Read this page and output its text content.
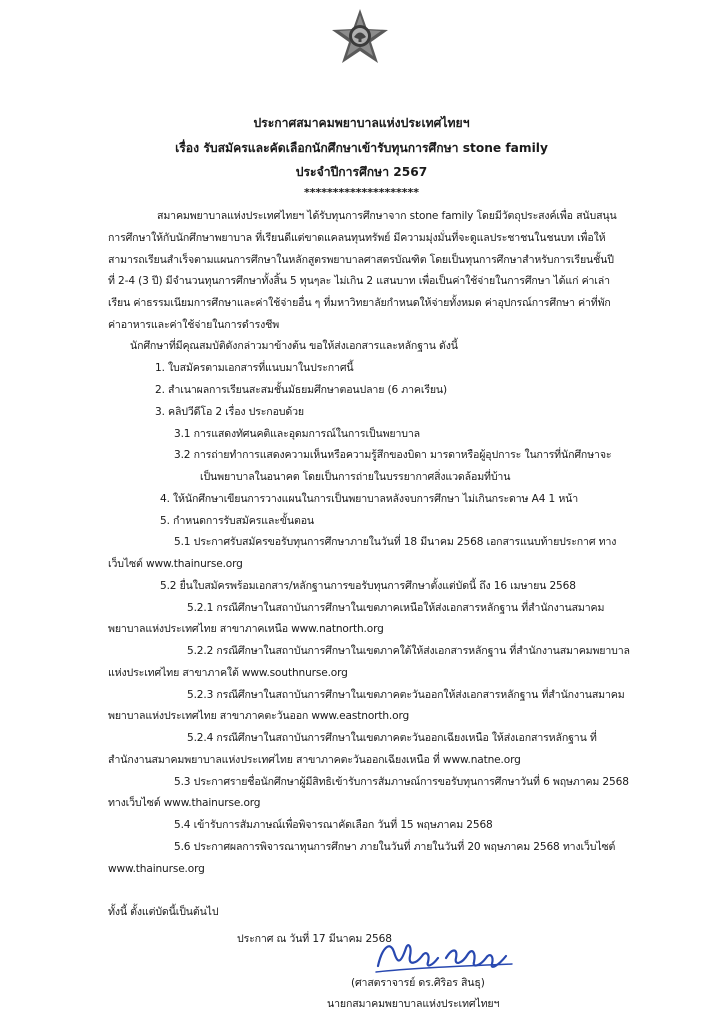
ประกาศสมาคมพยาบาลแห่งประเทศไทยฯ
เรื่อง รับสมัครและคัดเลือกนักศึกษาเข้ารับทุนการศึกษา stone family
ประจำปีการศึกษา 2567
********************
สมาคมพยาบาลแห่งประเทศไทยฯ ได้รับทุนการศึกษาจาก stone family โดยมีวัตถุประสงค์เพื่อ สนับสนุน
การศึกษาให้กับนักศึกษาพยาบาล ที่เรียนดีแต่ขาดแคลนทุนทรัพย์ มีความมุ่งมั่นที่จะดูแลประชาชนในชนบท เพื่อให้
สามารถเรียนสำเร็จตามแผนการศึกษาในหลักสูตรพยาบาลศาสตรบัณฑิต โดยเป็นทุนการศึกษาสำหรับการเรียนชั้นปี
ที่ 2-4 (3 ปี) มีจำนวนทุนการศึกษาทั้งสิ้น 5 ทุนๆละ ไม่เกิน 2 แสนบาท เพื่อเป็นค่าใช้จ่ายในการศึกษา ได้แก่ ค่าเล่า
เรียน ค่าธรรมเนียมการศึกษาและค่าใช้จ่ายอื่น ๆ ที่มหาวิทยาลัยกำหนดให้จ่ายทั้งหมด ค่าอุปกรณ์การศึกษา ค่าที่พัก
ค่าอาหารและค่าใช้จ่ายในการดำรงชีพ
นักศึกษาที่มีคุณสมบัติดังกล่าวมาข้างต้น ขอให้ส่งเอกสารและหลักฐาน ดังนี้
1. ใบสมัครตามเอกสารที่แนบมาในประกาศนี้
2. สำเนาผลการเรียนสะสมชั้นมัธยมศึกษาตอนปลาย (6 ภาคเรียน)
3. คลิปวีดีโอ 2 เรื่อง ประกอบด้วย
3.1 การแสดงทัศนคติและอุดมการณ์ในการเป็นพยาบาล
3.2 การถ่ายทำการแสดงความเห็นหรือความรู้สึกของบิดา มารดาหรือผู้อุปการะ ในการที่นักศึกษาจะ
เป็นพยาบาลในอนาคต โดยเป็นการถ่ายในบรรยากาศสิ่งแวดล้อมที่บ้าน
4. ให้นักศึกษาเขียนการวางแผนในการเป็นพยาบาลหลังจบการศึกษา ไม่เกินกระดาษ A4 1 หน้า
5. กำหนดการรับสมัครและขั้นตอน
5.1 ประกาศรับสมัครขอรับทุนการศึกษาภายในวันที่ 18 มีนาคม 2568 เอกสารแนบท้ายประกาศ ทาง
เว็บไซต์ www.thainurse.org
5.2 ยื่นใบสมัครพร้อมเอกสาร/หลักฐานการขอรับทุนการศึกษาตั้งแต่บัดนี้ ถึง 16 เมษายน 2568
5.2.1 กรณีศึกษาในสถาบันการศึกษาในเขตภาคเหนือให้ส่งเอกสารหลักฐาน ที่สำนักงานสมาคม
พยาบาลแห่งประเทศไทย สาขาภาคเหนือ www.natnorth.org
5.2.2 กรณีศึกษาในสถาบันการศึกษาในเขตภาคใต้ให้ส่งเอกสารหลักฐาน ที่สำนักงานสมาคมพยาบาล
แห่งประเทศไทย สาขาภาคใต้ www.southnurse.org
5.2.3 กรณีศึกษาในสถาบันการศึกษาในเขตภาคตะวันออกให้ส่งเอกสารหลักฐาน ที่สำนักงานสมาคม
พยาบาลแห่งประเทศไทย สาขาภาคตะวันออก www.eastnorth.org
5.2.4 กรณีศึกษาในสถาบันการศึกษาในเขตภาคตะวันออกเฉียงเหนือ ให้ส่งเอกสารหลักฐาน ที่
สำนักงานสมาคมพยาบาลแห่งประเทศไทย สาขาภาคตะวันออกเฉียงเหนือ ที่ www.natne.org
5.3 ประกาศรายชื่อนักศึกษาผู้มีสิทธิเข้ารับการสัมภาษณ์การขอรับทุนการศึกษาวันที่ 6 พฤษภาคม 2568
ทางเว็บไซต์ www.thainurse.org
5.4 เข้ารับการสัมภาษณ์เพื่อพิจารณาคัดเลือก วันที่ 15 พฤษภาคม 2568
5.6 ประกาศผลการพิจารณาทุนการศึกษา ภายในวันที่ ภายในวันที่ 20 พฤษภาคม 2568 ทางเว็บไซต์
www.thainurse.org
ทั้งนี้ ตั้งแต่บัดนี้เป็นต้นไป
ประกาศ ณ วันที่ 17 มีนาคม 2568
(ศาสตราจารย์ ดร.ศิริอร สินธุ)
นายกสมาคมพยาบาลแห่งประเทศไทยฯ
